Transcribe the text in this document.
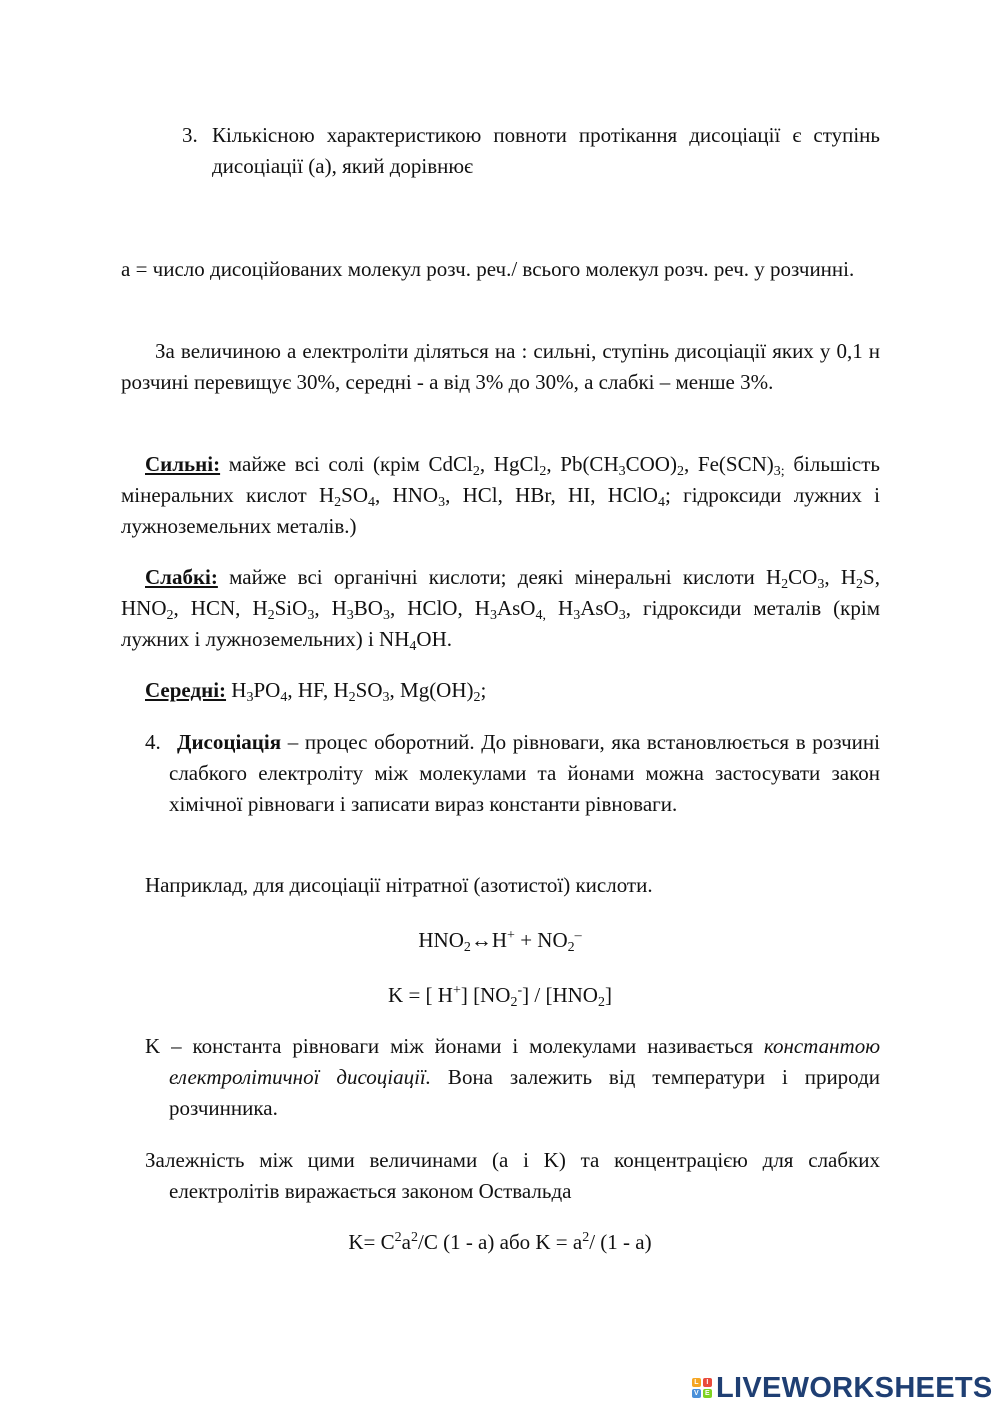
3. Кількісною характеристикою повноти протікання дисоціації є ступінь дисоціації (a), який дорівнює

a = число дисоційованих молекул розч. реч./ всього молекул розч. реч. у розчинні.

За величиною a електроліти діляться на : сильні, ступінь дисоціації яких у 0,1 н розчині перевищує 30%, середні - a від 3% до 30%, а слабкі – менше 3%.

Сильні: майже всі солі (крім CdCl$_2$, HgCl$_2$, $Pb(CH_3COO)_2$, $Fe(SCN)_{3;}$ більшість мінеральних кислот $H_2SO_4$, $HNO_3$, HCl, HBr, HI, HClO$_4$; гідроксиди лужних і лужноземельних металів.)

Слабкі: майже всі органічні кислоти; деякі мінеральні кислоти $H_2CO_3$, $H_2S$, $HNO_2$, HCN, $H_2SiO_3$, $H_3BO_3$, HClO, $H_3AsO_{4,}$ $H_3AsO_3$, гідроксиди металів (крім лужних і лужноземельних) і $NH_4OH$.

Середні: $H_3PO_4$, HF, $H_2SO_3$, $Mg(OH)_2$;

4. Дисоціація – процес оборотний. До рівноваги, яка встановлюється в розчині слабкого електроліту між молекулами та йонами можна застосувати закон хімічної рівноваги і записати вираз константи рівноваги.

Наприклад, для дисоціації нітратної (азотистої) кислоти.

$HNO_2\leftrightarrow H^+ + NO_2^-$

K = [ H+] $[NO_2^-] / [HNO_2]$

K – константа рівноваги між йонами і молекулами називається константою електролітичної дисоціації. Вона залежить від температури і природи розчинника.

Залежність між цими величинами (a і K) та концентрацією для слабких електролітів виражається законом Оствальда

$K= C^2a^2/C$ (1 - a) або $K = a^2/$ (1 - a)

L	I
V E LIVEWORKSHEETS
